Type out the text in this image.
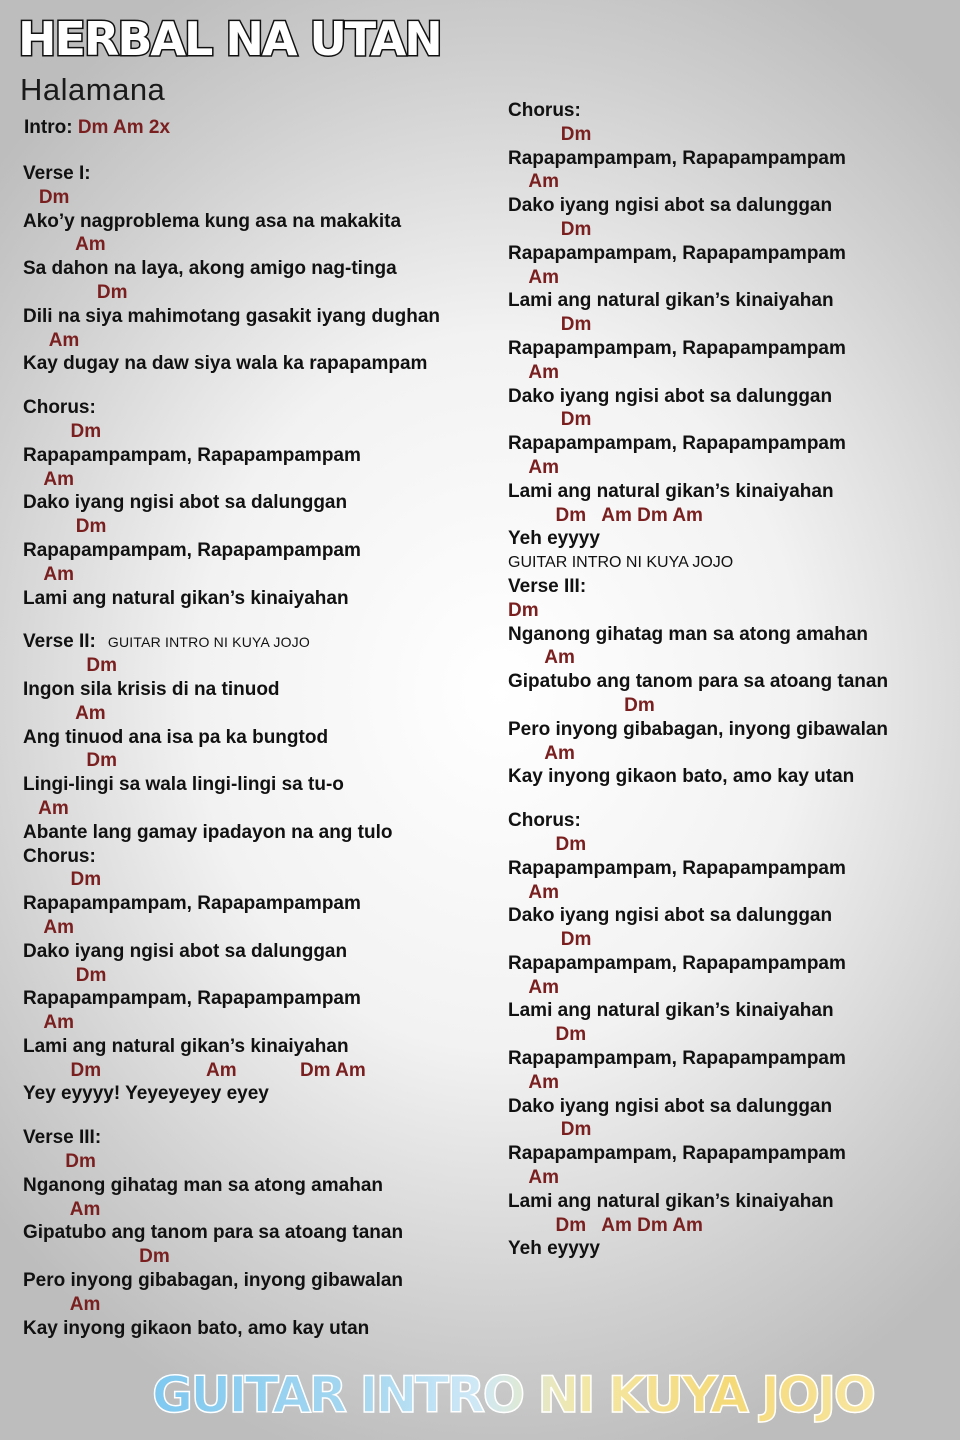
HERBAL NA UTAN
Halamana
Intro: Dm Am 2x
Verse I:
Dm
Ako’y nagproblema kung asa na makakita
Am
Sa dahon na laya, akong amigo nag-tinga
Dm
Dili na siya mahimotang gasakit iyang dughan
Am
Kay dugay na daw siya wala ka rapapampam
Chorus:
Dm
Rapapampampam, Rapapampampam
Am
Dako iyang ngisi abot sa dalunggan
Dm
Rapapampampam, Rapapampampam
Am
Lami ang natural gikan’s kinaiyahan
Verse II: GUITAR INTRO NI KUYA JOJO
Dm
Ingon sila krisis di na tinuod
Am
Ang tinuod ana isa pa ka bungtod
Dm
Lingi-lingi sa wala lingi-lingi sa tu-o
Am
Abante lang gamay ipadayon na ang tulo
Chorus:
Dm
Rapapampampam, Rapapampampam
Am
Dako iyang ngisi abot sa dalunggan
Dm
Rapapampampam, Rapapampampam
Am
Lami ang natural gikan’s kinaiyahan
Dm                    Am            Dm Am
Yey eyyyy! Yeyeyeyey eyey
Verse III:
Dm
Nganong gihatag man sa atong amahan
Am
Gipatubo ang tanom para sa atoang tanan
Dm
Pero inyong gibabagan, inyong gibawalan
Am
Kay inyong gikaon bato, amo kay utan
Chorus:
Dm
Rapapampampam, Rapapampampam
Am
Dako iyang ngisi abot sa dalunggan
Dm
Rapapampampam, Rapapampampam
Am
Lami ang natural gikan’s kinaiyahan
Dm
Rapapampampam, Rapapampampam
Am
Dako iyang ngisi abot sa dalunggan
Dm
Rapapampampam, Rapapampampam
Am
Lami ang natural gikan’s kinaiyahan
Dm   Am Dm Am
Yeh eyyyy
GUITAR INTRO NI KUYA JOJO
Verse III:
Dm
Nganong gihatag man sa atong amahan
Am
Gipatubo ang tanom para sa atoang tanan
Dm
Pero inyong gibabagan, inyong gibawalan
Am
Kay inyong gikaon bato, amo kay utan
Chorus:
Dm
Rapapampampam, Rapapampampam
Am
Dako iyang ngisi abot sa dalunggan
Dm
Rapapampampam, Rapapampampam
Am
Lami ang natural gikan’s kinaiyahan
Dm
Rapapampampam, Rapapampampam
Am
Dako iyang ngisi abot sa dalunggan
Dm
Rapapampampam, Rapapampampam
Am
Lami ang natural gikan’s kinaiyahan
Dm   Am Dm Am
Yeh eyyyy
GUITAR INTRO NI KUYA JOJO
